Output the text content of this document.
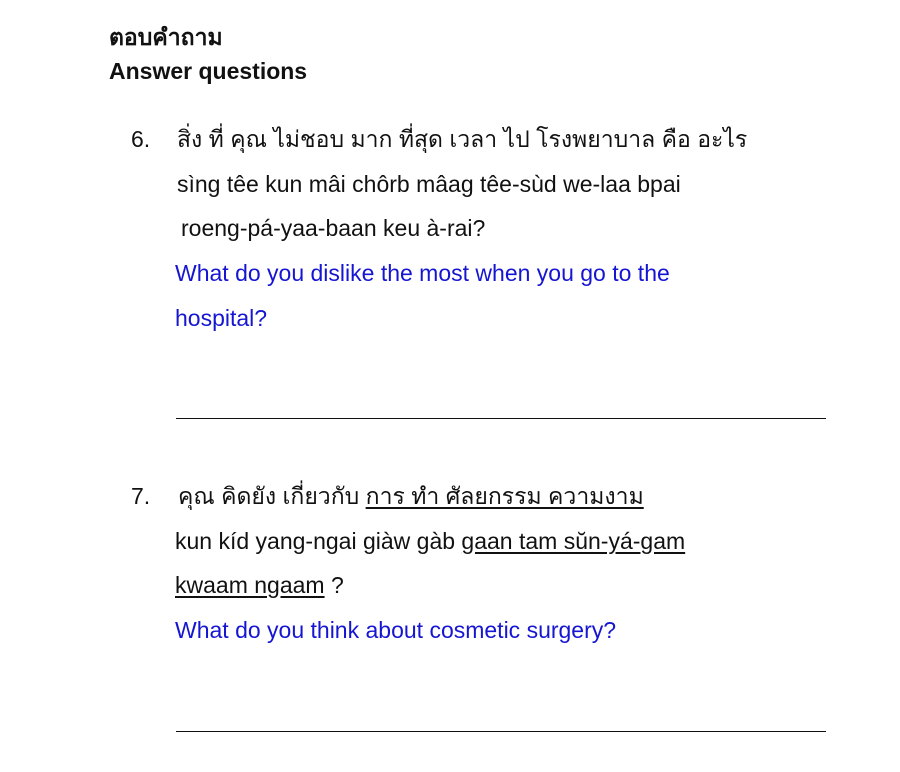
ตอบคำถาม
Answer questions
6. สิ่ง ที่ คุณ ไม่ชอบ มาก ที่สุด เวลา ไป โรงพยาบาล คือ อะไร
sìng têe kun mâi chôrb mâag têe-sùd we-laa bpai
roeng-pá-yaa-baan keu à-rai?
What do you dislike the most when you go to the
hospital?
7. คุณ คิดยัง เกี่ยวกับ การ ทำ ศัลยกรรม ความงาม
kun kíd yang-ngai giàw gàb gaan tam sŭn-yá-gam
kwaam ngaam ?
What do you think about cosmetic surgery?
